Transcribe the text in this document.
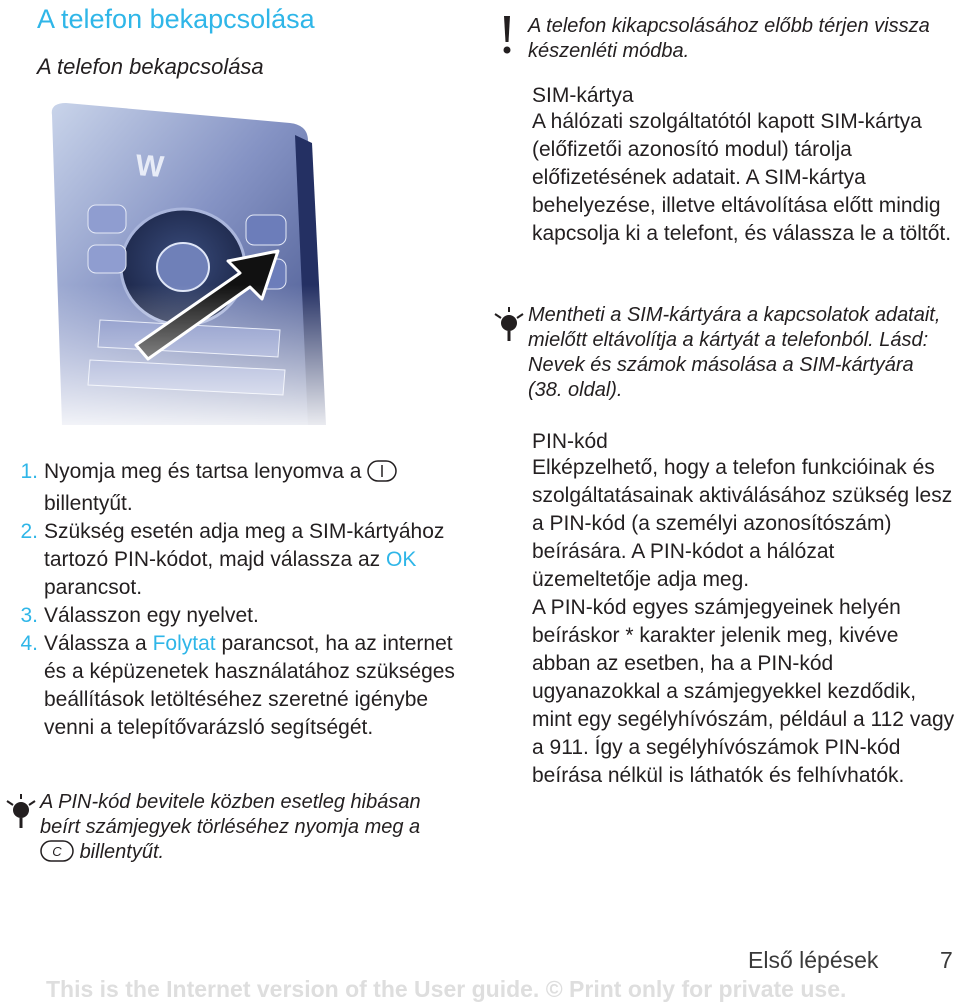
A telefon bekapcsolása
A telefon bekapcsolása
1. Nyomja meg és tartsa lenyomva a  billentyűt.
2. Szükség esetén adja meg a SIM-kártyához tartozó PIN-kódot, majd válassza az OK parancsot.
3. Válasszon egy nyelvet.
4. Válassza a Folytat parancsot, ha az internet és a képüzenetek használatához szükséges beállítások letöltéséhez szeretné igénybe venni a telepítővarázsló segítségét.
A PIN-kód bevitele közben esetleg hibásan beírt számjegyek törléséhez nyomja meg a
C billentyűt.
A telefon kikapcsolásához előbb térjen vissza készenléti módba.
SIM-kártya

A hálózati szolgáltatótól kapott SIM-kártya (előfizetői azonosító modul) tárolja előfizetésének adatait. A SIM-kártya behelyezése, illetve eltávolítása előtt mindig kapcsolja ki a telefont, és válassza le a töltőt.

Mentheti a SIM-kártyára a kapcsolatok adatait, mielőtt eltávolítja a kártyát a telefonból. Lásd: Nevek és számok másolása a SIM-kártyára (38. oldal).
PIN-kód

Elképzelhető, hogy a telefon funkcióinak és szolgáltatásainak aktiválásához szükség lesz a PIN-kód (a személyi azonosítószám) beírására. A PIN-kódot a hálózat üzemeltetője adja meg.

A PIN-kód egyes számjegyeinek helyén beíráskor * karakter jelenik meg, kivéve abban az esetben, ha a PIN-kód ugyanazokkal a számjegyekkel kezdődik, mint egy segélyhívószám, például a 112 vagy a 911. Így a segélyhívószámok PIN-kód beírása nélkül is láthatók és felhívhatók.

Első lépések	7
This is the Internet version of the User guide. © Print only for private use.
